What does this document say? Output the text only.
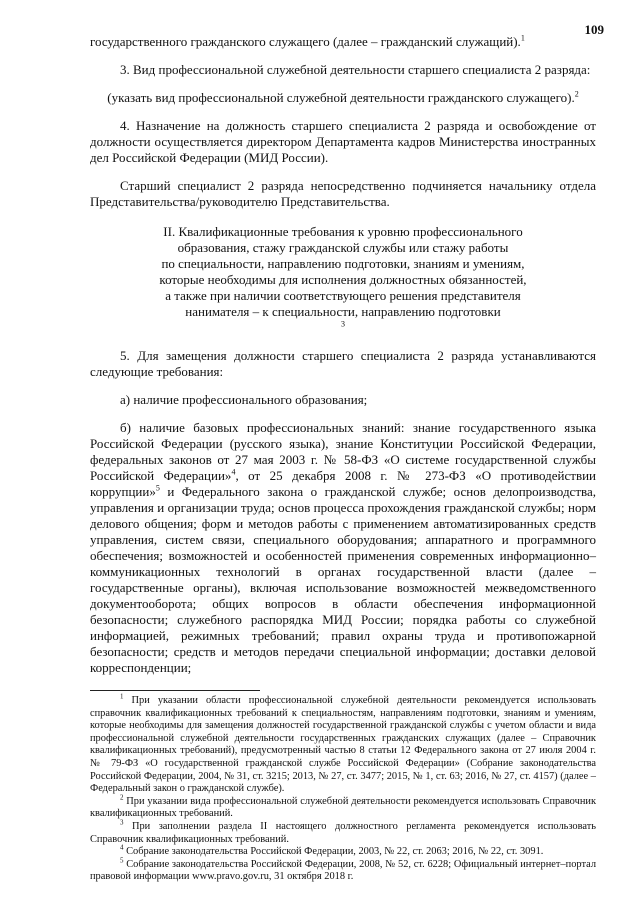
109

государственного гражданского служащего (далее – гражданский служащий).$^1$

3. Вид профессиональной служебной деятельности старшего специалиста 2 разряда:

(указать вид профессиональной служебной деятельности гражданского служащего).$^2$

4. Назначение на должность старшего специалиста 2 разряда и освобождение от должности осуществляется директором Департамента кадров Министерства иностранных дел Российской Федерации (МИД России).

Старший специалист 2 разряда непосредственно подчиняется начальнику отдела Представительства/руководителю Представительства.

II. Квалификационные требования к уровню профессионального
образования, стажу гражданской службы или стажу работы
по специальности, направлению подготовки, знаниям и умениям,
которые необходимы для исполнения должностных обязанностей,
а также при наличии соответствующего решения представителя
нанимателя – к специальности, направлению подготовки
$^3$

5. Для замещения должности старшего специалиста 2 разряда устанавливаются следующие требования:

а) наличие профессионального образования;

б) наличие базовых профессиональных знаний: знание государственного языка Российской Федерации (русского языка), знание Конституции Российской Федерации, федеральных законов от 27 мая 2003 г. № 58-ФЗ «О системе государственной службы Российской Федерации»$^4$, от 25 декабря 2008 г. № 273-ФЗ «О противодействии коррупции»$^5$ и Федерального закона о гражданской службе; основ делопроизводства, управления и организации труда; основ процесса прохождения гражданской службы; норм делового общения; форм и методов работы с применением автоматизированных средств управления, систем связи, специального оборудования; аппаратного и программного обеспечения; возможностей и особенностей применения современных информационно–коммуникационных технологий в органах государственной власти (далее – государственные органы), включая использование возможностей межведомственного документооборота; общих вопросов в области обеспечения информационной безопасности; служебного распорядка МИД России; порядка работы со служебной информацией, режимных требований; правил охраны труда и противопожарной безопасности; средств и методов передачи специальной информации; доставки деловой корреспонденции;

$^1$ При указании области профессиональной служебной деятельности рекомендуется использовать справочник квалификационных требований к специальностям, направлениям подготовки, знаниям и умениям, которые необходимы для замещения должностей государственной гражданской службы с учетом области и вида профессиональной служебной деятельности государственных гражданских служащих (далее – Справочник квалификационных требований), предусмотренный частью 8 статьи 12 Федерального закона от 27 июля 2004 г. № 79-ФЗ «О государственной гражданской службе Российской Федерации» (Собрание законодательства Российской Федерации, 2004, № 31, ст. 3215; 2013, № 27, ст. 3477; 2015, № 1, ст. 63; 2016, № 27, ст. 4157) (далее – Федеральный закон о гражданской службе).

$^2$ При указании вида профессиональной служебной деятельности рекомендуется использовать Справочник квалификационных требований.

$^3$ При заполнении раздела II настоящего должностного регламента рекомендуется использовать Справочник квалификационных требований.

$^4$ Собрание законодательства Российской Федерации, 2003, № 22, ст. 2063; 2016, № 22, ст. 3091.

$^5$ Собрание законодательства Российской Федерации, 2008, № 52, ст. 6228; Официальный интернет–портал правовой информации www.pravo.gov.ru, 31 октября 2018 г.
